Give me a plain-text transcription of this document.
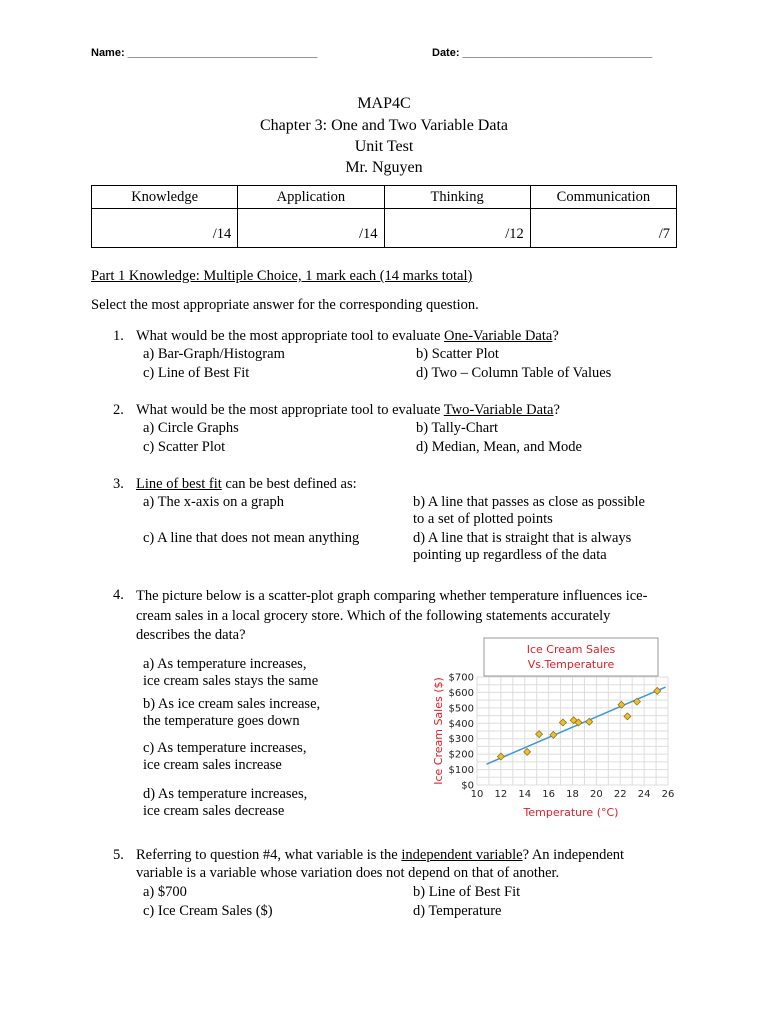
Name: _______________________________	Date: _______________________________
MAP4C
Chapter 3: One and Two Variable Data
Unit Test
Mr. Nguyen
Knowledge	Application	Thinking	Communication
/14	/14	/12	/7
Part 1 Knowledge: Multiple Choice, 1 mark each (14 marks total)
Select the most appropriate answer for the corresponding question.
1. What would be the most appropriate tool to evaluate One-Variable Data?
a) Bar-Graph/Histogram	b) Scatter Plot
c) Line of Best Fit	d) Two – Column Table of Values
2. What would be the most appropriate tool to evaluate Two-Variable Data?
a) Circle Graphs	b) Tally-Chart
c) Scatter Plot	d) Median, Mean, and Mode
3. Line of best fit can be best defined as:
a) The x-axis on a graph	b) A line that passes as close as possible
to a set of plotted points
c) A line that does not mean anything	d) A line that is straight that is always
pointing up regardless of the data
4. The picture below is a scatter-plot graph comparing whether temperature influences ice-
cream sales in a local grocery store. Which of the following statements accurately
describes the data?
a) As temperature increases,
ice cream sales stays the same
b) As ice cream sales increase,
the temperature goes down
c) As temperature increases,
ice cream sales increase
d) As temperature increases,
ice cream sales decrease
Ice Cream Sales
Vs.Temperature
10 12 14 16 18 20 22 24 26
$0
$100
$200
$300
$400
$500
$600
$700
Temperature (°C)
Ice Cream Sales ($)
5. Referring to question #4, what variable is the independent variable? An independent
variable is a variable whose variation does not depend on that of another.
a) $700	b) Line of Best Fit
c) Ice Cream Sales ($)	d) Temperature
